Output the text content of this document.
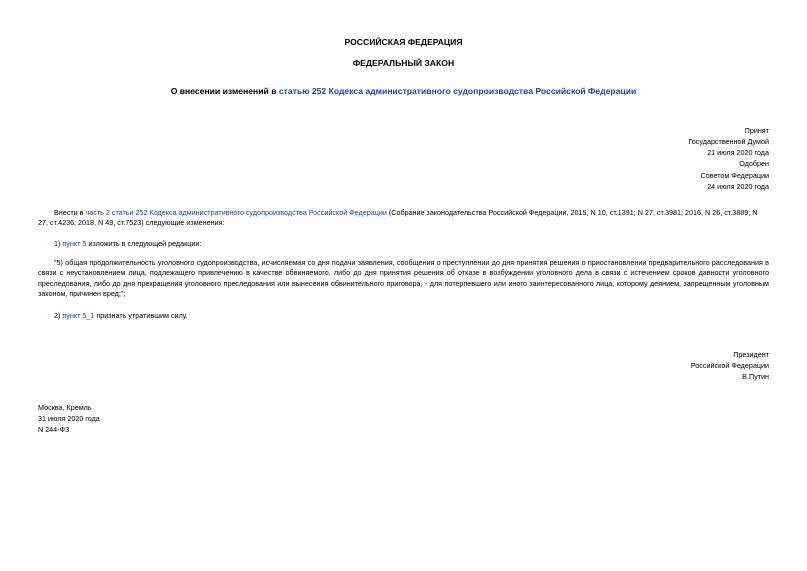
РОССИЙСКАЯ ФЕДЕРАЦИЯ
ФЕДЕРАЛЬНЫЙ ЗАКОН
О внесении изменений в статью 252 Кодекса административного судопроизводства Российской Федерации
Принят
Государственной Думой
21 июля 2020 года
Одобрен
Советом Федерации
24 июля 2020 года
Внести в часть 2 статьи 252 Кодекса административного судопроизводства Российской Федерации (Собрание законодательства Российской Федерации, 2015, N 10, ст.1391; N 27, ст.3981; 2016, N 26, ст.3889; N 27, ст.4236; 2018, N 49, ст.7523) следующие изменения:
1) пункт 5 изложить в следующей редакции:
"5) общая продолжительность уголовного судопроизводства, исчисляемая со дня подачи заявления, сообщения о преступлении до дня принятия решения о приостановлении предварительного расследования в связи с неустановлением лица, подлежащего привлечению в качестве обвиняемого, либо до дня принятия решения об отказе в возбуждении уголовного дела в связи с истечением сроков давности уголовного преследования, либо до дня прекращения уголовного преследования или вынесения обвинительного приговора, - для потерпевшего или иного заинтересованного лица, которому деянием, запрещенным уголовным законом, причинен вред;";
2) пункт 5_1 признать утратившим силу.
Президент
Российской Федерации
В.Путин
Москва, Кремль
31 июля 2020 года
N 244-ФЗ
